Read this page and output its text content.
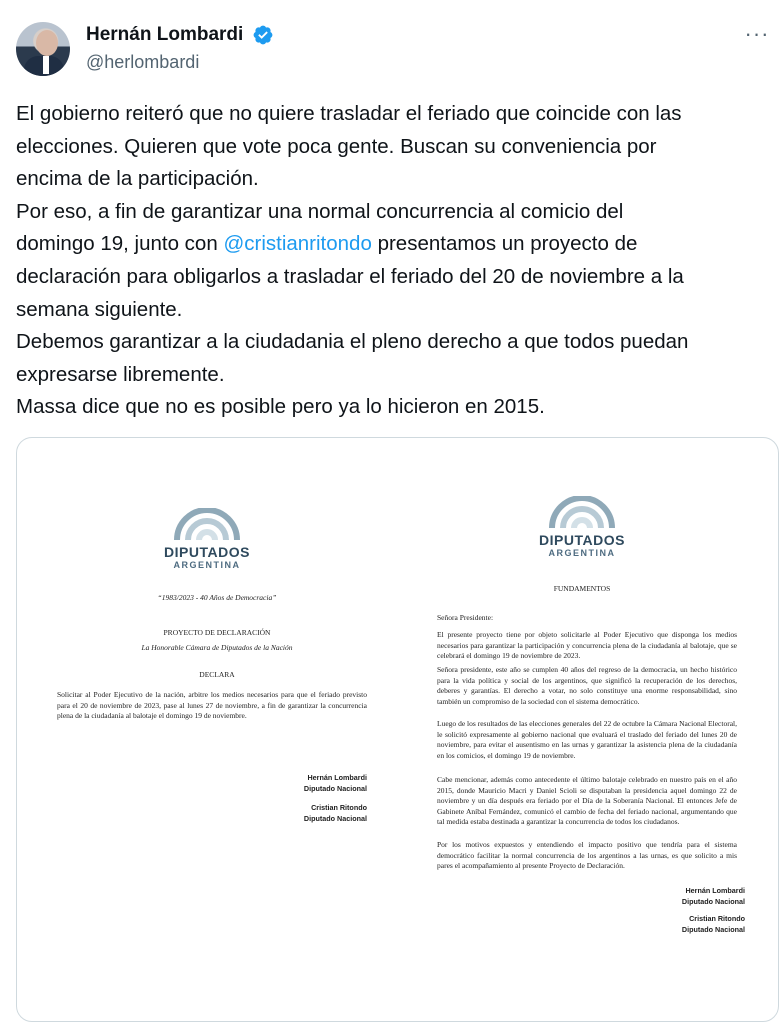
Hernán Lombardi
@herlombardi
···

El gobierno reiteró que no quiere trasladar el feriado que coincide con las

elecciones. Quieren que vote poca gente. Buscan su conveniencia por

encima de la participación.

Por eso, a fin de garantizar una normal concurrencia al comicio del

domingo 19, junto con @cristianritondo presentamos un proyecto de

declaración para obligarlos a trasladar el feriado del 20 de noviembre a la

semana siguiente.

Debemos garantizar a la ciudadania el pleno derecho a que todos puedan

expresarse libremente.

Massa dice que no es posible pero ya lo hicieron en 2015.

DIPUTADOS
ARGENTINA
“1983/2023 - 40 Años de Democracia”
PROYECTO DE DECLARACIÓN
La Honorable Cámara de Diputados de la Nación
DECLARA
Solicitar al Poder Ejecutivo de la nación, arbitre los medios necesarios para que el feriado previsto para el 20 de noviembre de 2023, pase al lunes 27 de noviembre, a fin de garantizar la concurrencia plena de la ciudadanía al balotaje el domingo 19 de noviembre.
Hernán Lombardi
Diputado Nacional
Cristian Ritondo
Diputado Nacional
DIPUTADOS
ARGENTINA
FUNDAMENTOS
Señora Presidente:
El presente proyecto tiene por objeto solicitarle al Poder Ejecutivo que disponga los medios necesarios para garantizar la participación y concurrencia plena de la ciudadanía al balotaje, que se celebrará el domingo 19 de noviembre de 2023.
Señora presidente, este año se cumplen 40 años del regreso de la democracia, un hecho histórico para la vida política y social de los argentinos, que significó la recuperación de los derechos, deberes y garantías. El derecho a votar, no solo constituye una enorme responsabilidad, sino también un compromiso de la sociedad con el sistema democrático.
Luego de los resultados de las elecciones generales del 22 de octubre la Cámara Nacional Electoral, le solicitó expresamente al gobierno nacional que evaluará el traslado del feriado del lunes 20 de noviembre, para evitar el ausentismo en las urnas y garantizar la asistencia plena de la ciudadanía en los comicios, el domingo 19 de noviembre.
Cabe mencionar, además como antecedente el último balotaje celebrado en nuestro país en el año 2015, donde Mauricio Macri y Daniel Scioli se disputaban la presidencia aquel domingo 22 de noviembre y un día después era feriado por el Día de la Soberanía Nacional. El entonces Jefe de Gabinete Aníbal Fernández, comunicó el cambio de fecha del feriado nacional, argumentando que tal medida estaba destinada a garantizar la concurrencia de todos los ciudadanos.
Por los motivos expuestos y entendiendo el impacto positivo que tendría para el sistema democrático facilitar la normal concurrencia de los argentinos a las urnas, es que solicito a mis pares el acompañamiento al presente Proyecto de Declaración.
Hernán Lombardi
Diputado Nacional
Cristian Ritondo
Diputado Nacional
